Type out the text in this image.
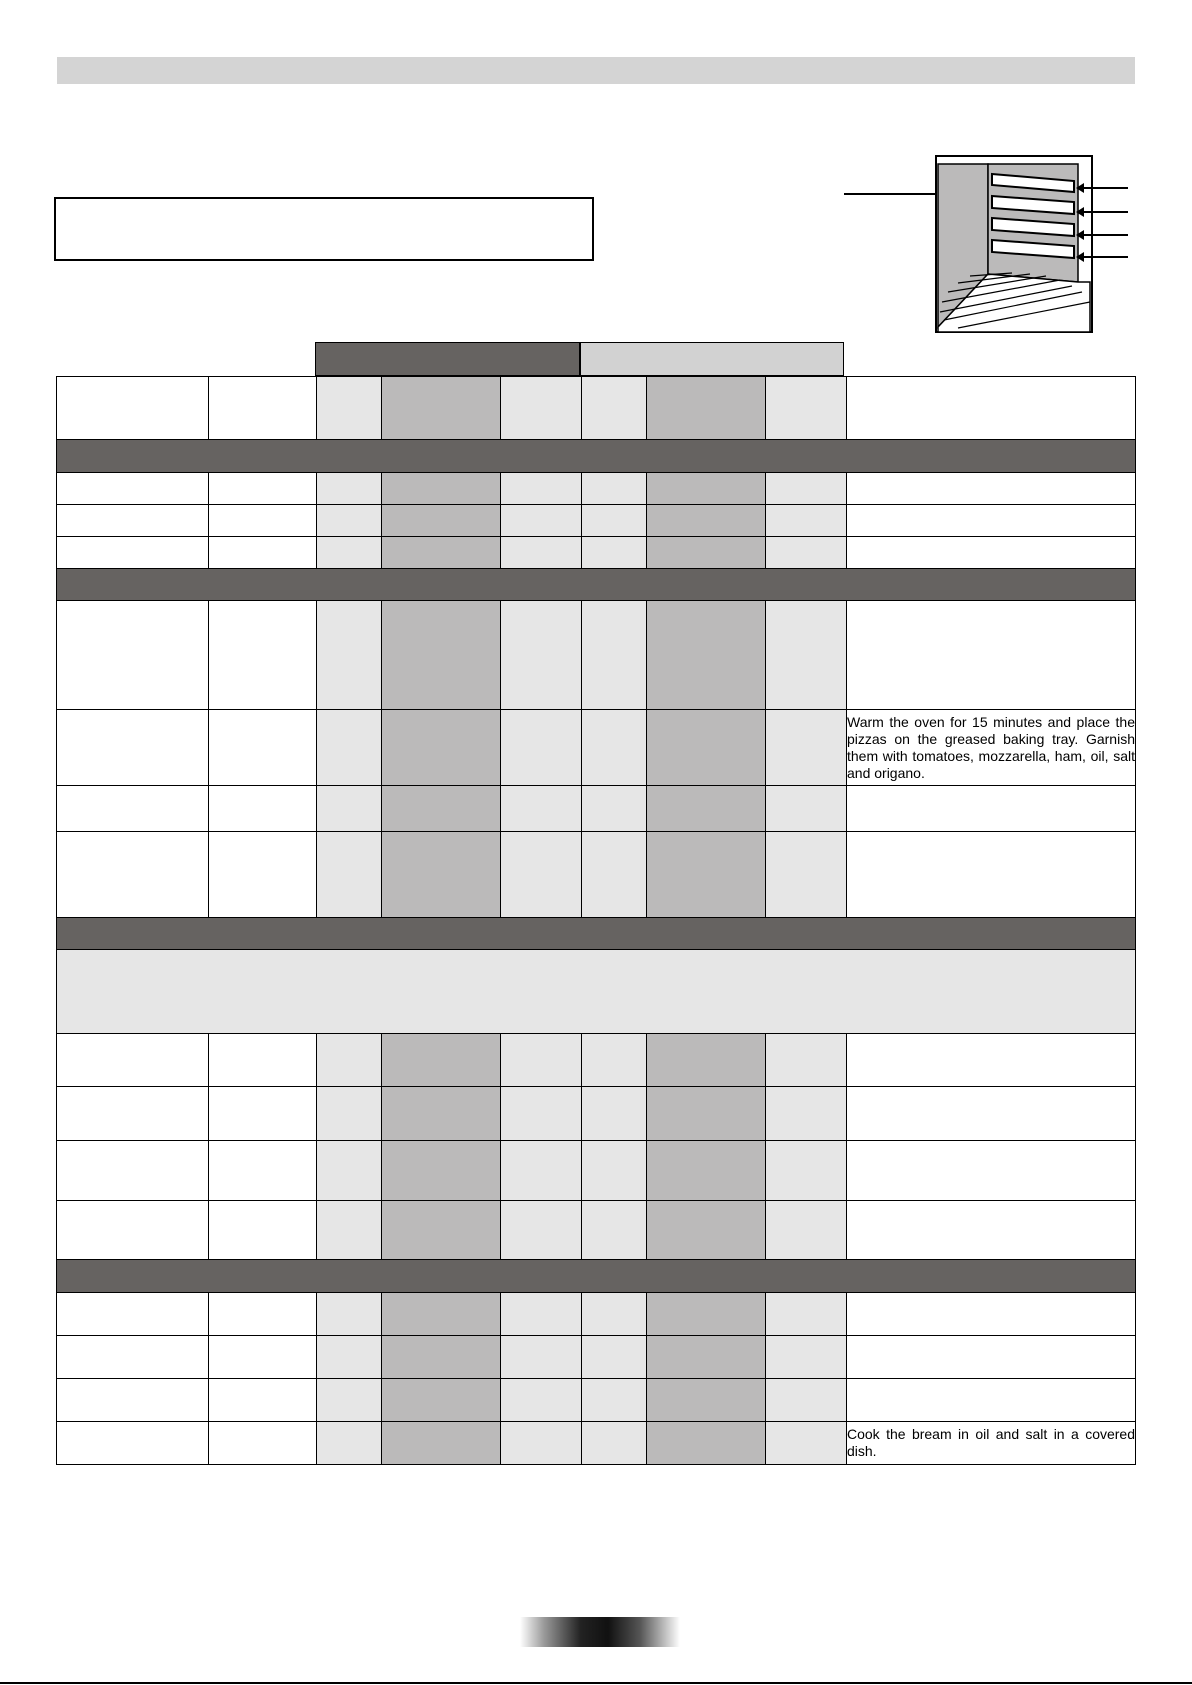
								Warm the oven for 15 minutes and place the pizzas on the greased baking tray. Garnish them with tomatoes, mozzarella, ham, oil, salt and origano.

								Cook the bream in oil and salt in a covered dish.
